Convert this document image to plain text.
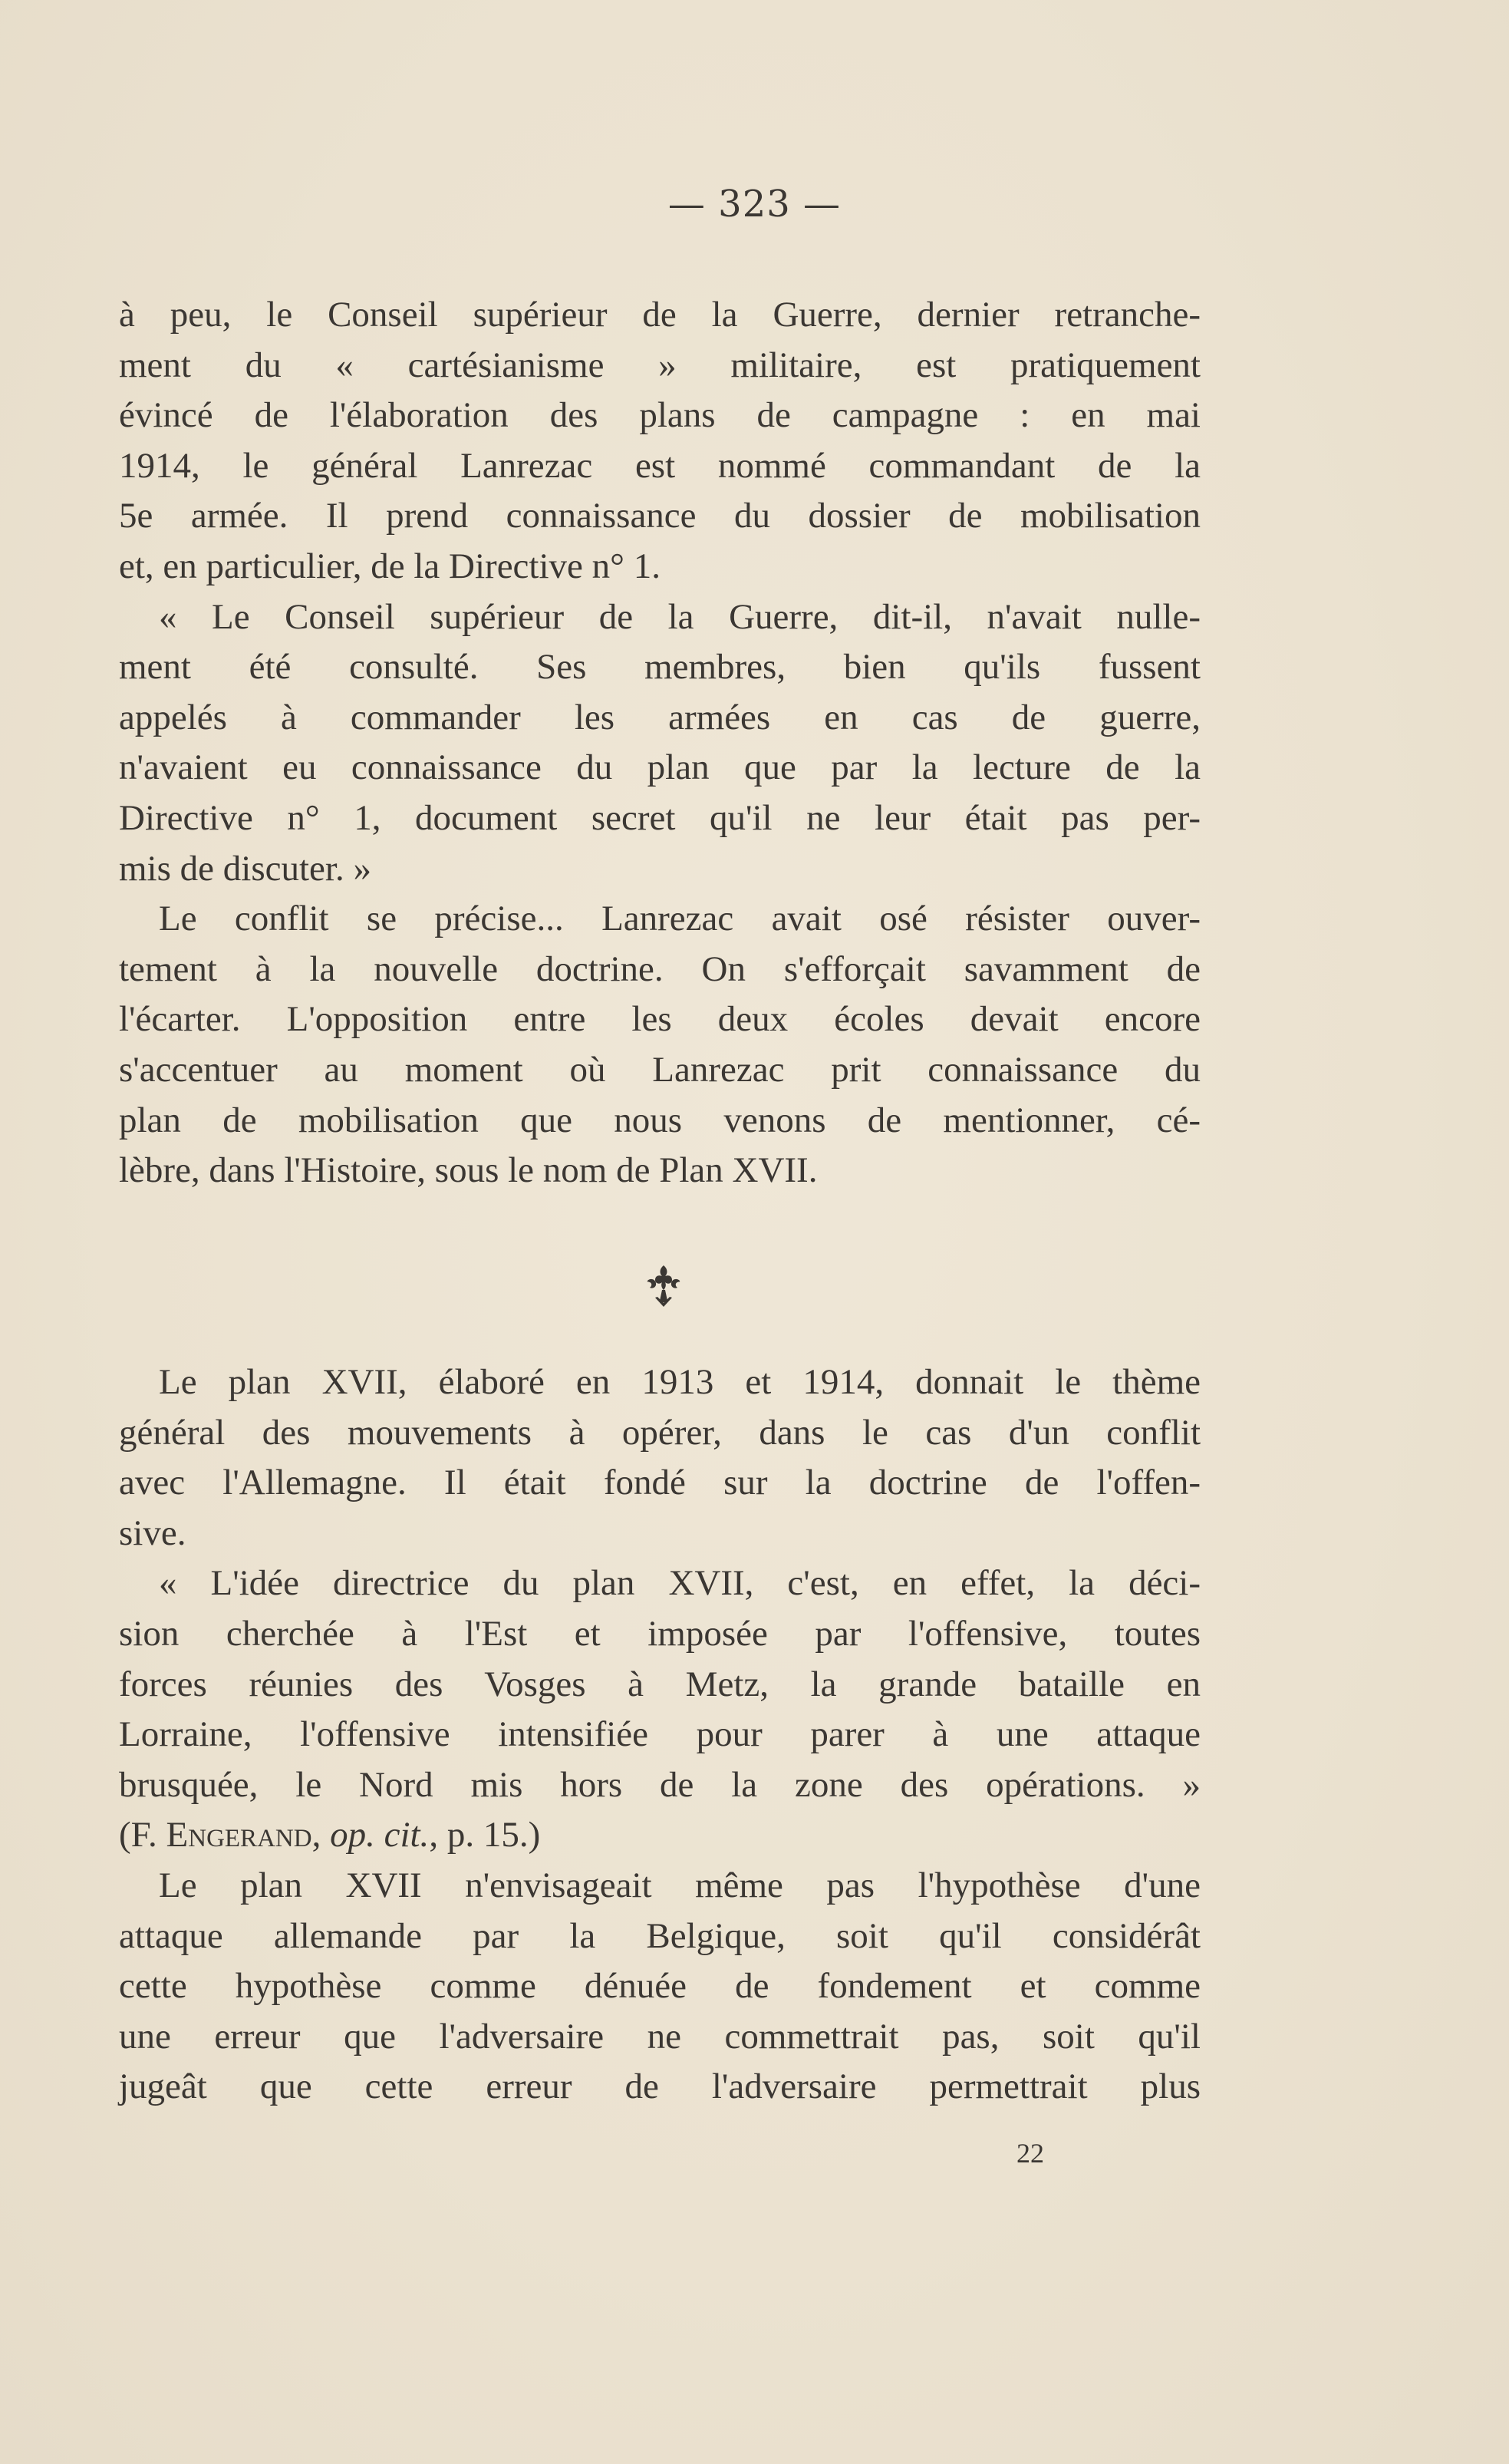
— 323 —
à peu, le Conseil supérieur de la Guerre, dernier retranche-
ment du « cartésianisme » militaire, est pratiquement
évincé de l'élaboration des plans de campagne : en mai
1914, le général Lanrezac est nommé commandant de la
5e armée. Il prend connaissance du dossier de mobilisation
et, en particulier, de la Directive n° 1.
« Le Conseil supérieur de la Guerre, dit-il, n'avait nulle-
ment été consulté. Ses membres, bien qu'ils fussent
appelés à commander les armées en cas de guerre,
n'avaient eu connaissance du plan que par la lecture de la
Directive n° 1, document secret qu'il ne leur était pas per-
mis de discuter. »
Le conflit se précise... Lanrezac avait osé résister ouver-
tement à la nouvelle doctrine. On s'efforçait savamment de
l'écarter. L'opposition entre les deux écoles devait encore
s'accentuer au moment où Lanrezac prit connaissance du
plan de mobilisation que nous venons de mentionner, cé-
lèbre, dans l'Histoire, sous le nom de Plan XVII.
Le plan XVII, élaboré en 1913 et 1914, donnait le thème
général des mouvements à opérer, dans le cas d'un conflit
avec l'Allemagne. Il était fondé sur la doctrine de l'offen-
sive.
« L'idée directrice du plan XVII, c'est, en effet, la déci-
sion cherchée à l'Est et imposée par l'offensive, toutes
forces réunies des Vosges à Metz, la grande bataille en
Lorraine, l'offensive intensifiée pour parer à une attaque
brusquée, le Nord mis hors de la zone des opérations. »
(F. Engerand, op. cit., p. 15.)
Le plan XVII n'envisageait même pas l'hypothèse d'une
attaque allemande par la Belgique, soit qu'il considérât
cette hypothèse comme dénuée de fondement et comme
une erreur que l'adversaire ne commettrait pas, soit qu'il
jugeât que cette erreur de l'adversaire permettrait plus
22
